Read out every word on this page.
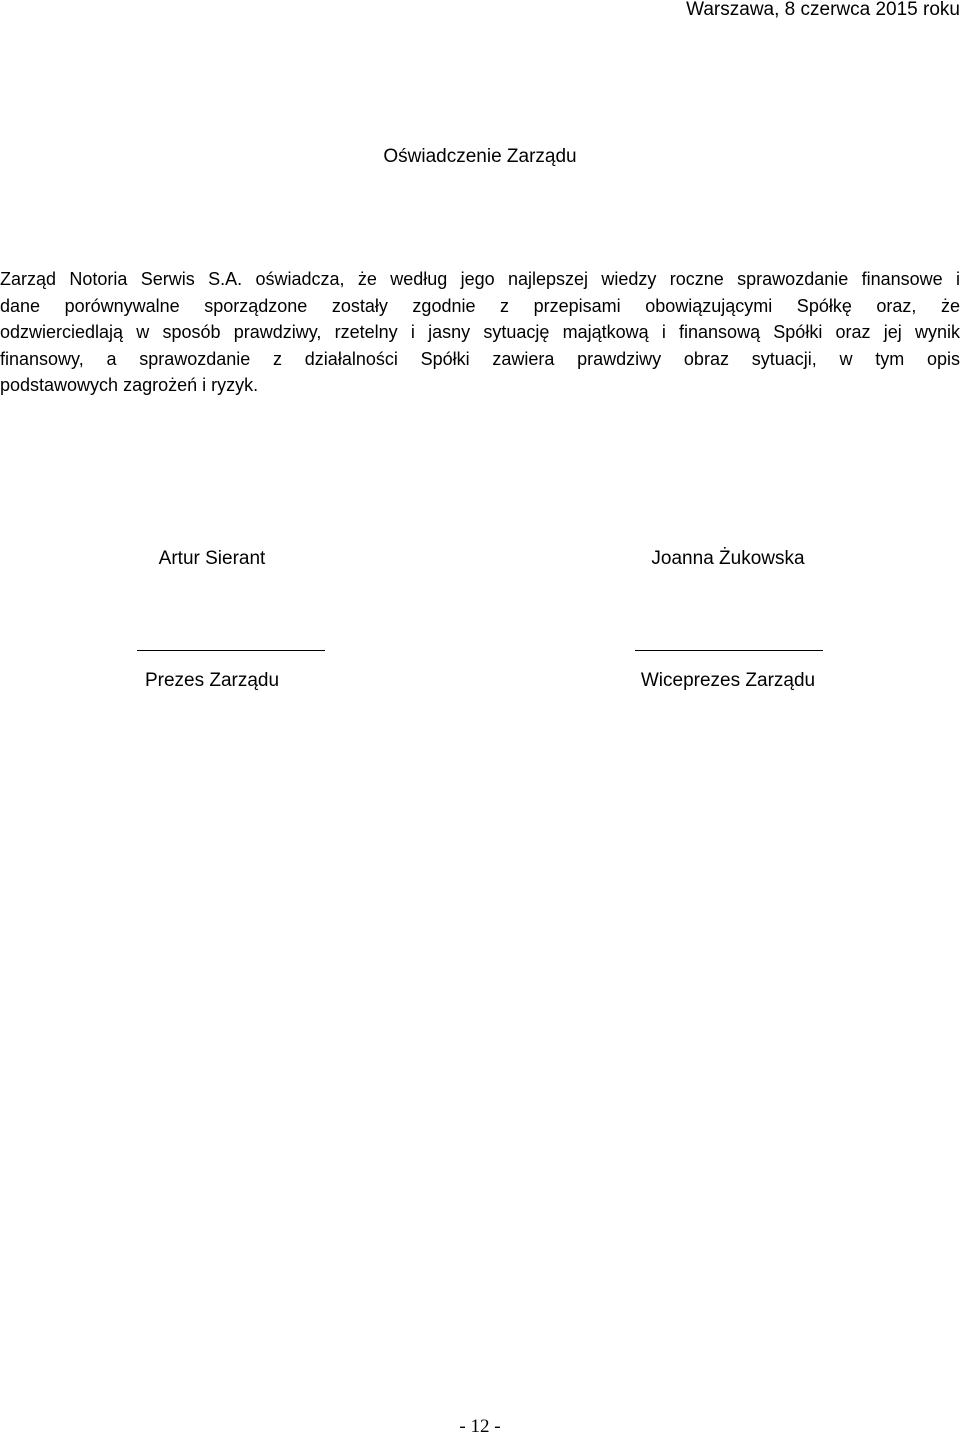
Warszawa, 8 czerwca 2015 roku
Oświadczenie Zarządu
Zarząd Notoria Serwis S.A. oświadcza, że według jego najlepszej wiedzy roczne sprawozdanie finansowe i
dane porównywalne sporządzone zostały zgodnie z przepisami obowiązującymi Spółkę oraz, że
odzwierciedlają w sposób prawdziwy, rzetelny i jasny sytuację majątkową i finansową Spółki oraz jej wynik
finansowy, a sprawozdanie z działalności Spółki zawiera prawdziwy obraz sytuacji, w tym opis
podstawowych zagrożeń i ryzyk.
Artur Sierant	Joanna Żukowska
Prezes Zarządu	Wiceprezes Zarządu
- 12 -
